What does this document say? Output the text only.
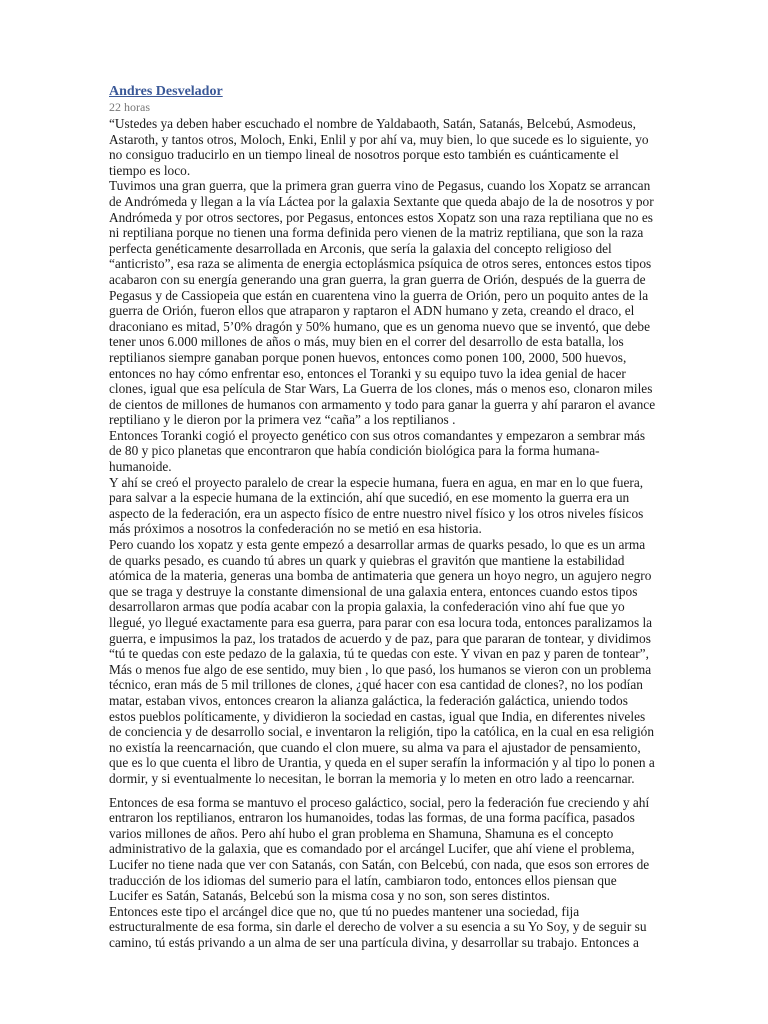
Andres Desvelador
22 horas

“Ustedes ya deben haber escuchado el nombre de Yaldabaoth, Satán, Satanás, Belcebú, Asmodeus, Astaroth, y tantos otros, Moloch, Enki, Enlil y por ahí va, muy bien, lo que sucede es lo siguiente, yo no consiguo traducirlo en un tiempo lineal de nosotros porque esto también es cuánticamente el tiempo es loco.

Tuvimos una gran guerra, que la primera gran guerra vino de Pegasus, cuando los Xopatz se arrancan de Andrómeda y llegan a la vía Láctea por la galaxia Sextante que queda abajo de la de nosotros y por Andrómeda y por otros sectores, por Pegasus, entonces estos Xopatz son una raza reptiliana que no es ni reptiliana porque no tienen una forma definida pero vienen de la matriz reptiliana, que son la raza perfecta genéticamente desarrollada en Arconis, que sería la galaxia del concepto religioso del “anticristo”, esa raza se alimenta de energia ectoplásmica psíquica de otros seres, entonces estos tipos acabaron con su energía generando una gran guerra, la gran guerra de Orión, después de la guerra de Pegasus y de Cassiopeia que están en cuarentena vino la guerra de Orión, pero un poquito antes de la guerra de Orión, fueron ellos que atraparon y raptaron el ADN humano y zeta, creando el draco, el draconiano es mitad, 5’0% dragón y 50% humano, que es un genoma nuevo que se inventó, que debe tener unos 6.000 millones de años o más, muy bien en el correr del desarrollo de esta batalla, los reptilianos siempre ganaban porque ponen huevos, entonces como ponen 100, 2000, 500 huevos, entonces no hay cómo enfrentar eso, entonces el Toranki y su equipo tuvo la idea genial de hacer clones, igual que esa película de Star Wars, La Guerra de los clones, más o menos eso, clonaron miles de cientos de millones de humanos con armamento y todo para ganar la guerra y ahí pararon el avance reptiliano y le dieron por la primera vez “caña” a los reptilianos .

Entonces Toranki cogió el proyecto genético con sus otros comandantes y empezaron a sembrar más de 80 y pico planetas que encontraron que había condición biológica para la forma humana-humanoide.

Y ahí se creó el proyecto paralelo de crear la especie humana, fuera en agua, en mar en lo que fuera, para salvar a la especie humana de la extinción, ahí que sucedió, en ese momento la guerra era un aspecto de la federación, era un aspecto físico de entre nuestro nivel físico y los otros niveles físicos más próximos a nosotros la confederación no se metió en esa historia.

Pero cuando los xopatz y esta gente empezó a desarrollar armas de quarks pesado, lo que es un arma de quarks pesado, es cuando tú abres un quark y quiebras el gravitón que mantiene la estabilidad atómica de la materia, generas una bomba de antimateria que genera un hoyo negro, un agujero negro que se traga y destruye la constante dimensional de una galaxia entera, entonces cuando estos tipos desarrollaron armas que podía acabar con la propia galaxia, la confederación vino ahí fue que yo llegué, yo llegué exactamente para esa guerra, para parar con esa locura toda, entonces paralizamos la guerra, e impusimos la paz, los tratados de acuerdo y de paz, para que pararan de tontear, y dividimos “tú te quedas con este pedazo de la galaxia, tú te quedas con este. Y vivan en paz y paren de tontear”, Más o menos fue algo de ese sentido, muy bien , lo que pasó, los humanos se vieron con un problema técnico, eran más de 5 mil trillones de clones, ¿qué hacer con esa cantidad de clones?, no los podían matar, estaban vivos, entonces crearon la alianza galáctica, la federación galáctica, uniendo todos estos pueblos políticamente, y dividieron la sociedad en castas, igual que India, en diferentes niveles de conciencia y de desarrollo social, e inventaron la religión, tipo la católica, en la cual en esa religión no existía la reencarnación, que cuando el clon muere, su alma va para el ajustador de pensamiento, que es lo que cuenta el libro de Urantia, y queda en el super serafín la información y al tipo lo ponen a dormir, y si eventualmente lo necesitan, le borran la memoria y lo meten en otro lado a reencarnar.

Entonces de esa forma se mantuvo el proceso galáctico, social, pero la federación fue creciendo y ahí entraron los reptilianos, entraron los humanoides, todas las formas, de una forma pacífica, pasados varios millones de años. Pero ahí hubo el gran problema en Shamuna, Shamuna es el concepto administrativo de la galaxia, que es comandado por el arcángel Lucifer, que ahí viene el problema, Lucifer no tiene nada que ver con Satanás, con Satán, con Belcebú, con nada, que esos son errores de traducción de los idiomas del sumerio para el latín, cambiaron todo, entonces ellos piensan que Lucifer es Satán, Satanás, Belcebú son la misma cosa y no son, son seres distintos.

Entonces este tipo el arcángel dice que no, que tú no puedes mantener una sociedad, fija estructuralmente de esa forma, sin darle el derecho de volver a su esencia a su Yo Soy, y de seguir su camino, tú estás privando a un alma de ser una partícula divina, y desarrollar su trabajo. Entonces a
